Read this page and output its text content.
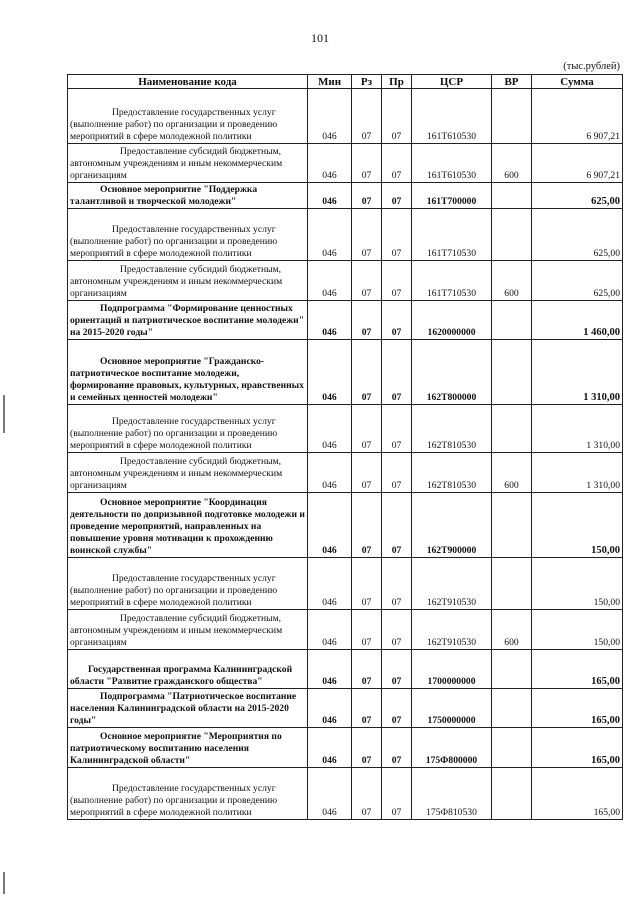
101
(тыс.рублей)
Наименование кода	Мин	Рз	Пр	ЦСР	ВР	Сумма
Предоставление государственных услуг (выполнение работ) по организации и проведению мероприятий в сфере молодежной политики	046	07	07	161Т610530		6 907,21
Предоставление субсидий бюджетным, автономным учреждениям и иным некоммерческим организациям	046	07	07	161Т610530	600	6 907,21
Основное мероприятие "Поддержка талантливой и творческой молодежи"	046	07	07	161Т700000		625,00
Предоставление государственных услуг (выполнение работ) по организации и проведению мероприятий в сфере молодежной политики	046	07	07	161Т710530		625,00
Предоставление субсидий бюджетным, автономным учреждениям и иным некоммерческим организациям	046	07	07	161Т710530	600	625,00
Подпрограмма "Формирование ценностных ориентаций и патриотическое воспитание молодежи" на 2015-2020 годы"	046	07	07	1620000000		1 460,00
Основное мероприятие "Гражданско-патриотическое воспитание молодежи, формирование правовых, культурных, нравственных и семейных ценностей молодежи"	046	07	07	162Т800000		1 310,00
Предоставление государственных услуг (выполнение работ) по организации и проведению мероприятий в сфере молодежной политики	046	07	07	162Т810530		1 310,00
Предоставление субсидий бюджетным, автономным учреждениям и иным некоммерческим организациям	046	07	07	162Т810530	600	1 310,00
Основное мероприятие "Координация деятельности по допризывной подготовке молодежи и проведение мероприятий, направленных на повышение уровня мотивации к прохождению воинской службы"	046	07	07	162Т900000		150,00
Предоставление государственных услуг (выполнение работ) по организации и проведению мероприятий в сфере молодежной политики	046	07	07	162Т910530		150,00
Предоставление субсидий бюджетным, автономным учреждениям и иным некоммерческим организациям	046	07	07	162Т910530	600	150,00
Государственная программа Калининградской области "Развитие гражданского общества"	046	07	07	1700000000		165,00
Подпрограмма "Патриотическое воспитание населения Калининградской области на 2015-2020 годы"	046	07	07	1750000000		165,00
Основное мероприятие "Мероприятия по патриотическому воспитанию населения Калининградской области"	046	07	07	175Ф800000		165,00
Предоставление государственных услуг (выполнение работ) по организации и проведению мероприятий в сфере молодежной политики	046	07	07	175Ф810530		165,00
